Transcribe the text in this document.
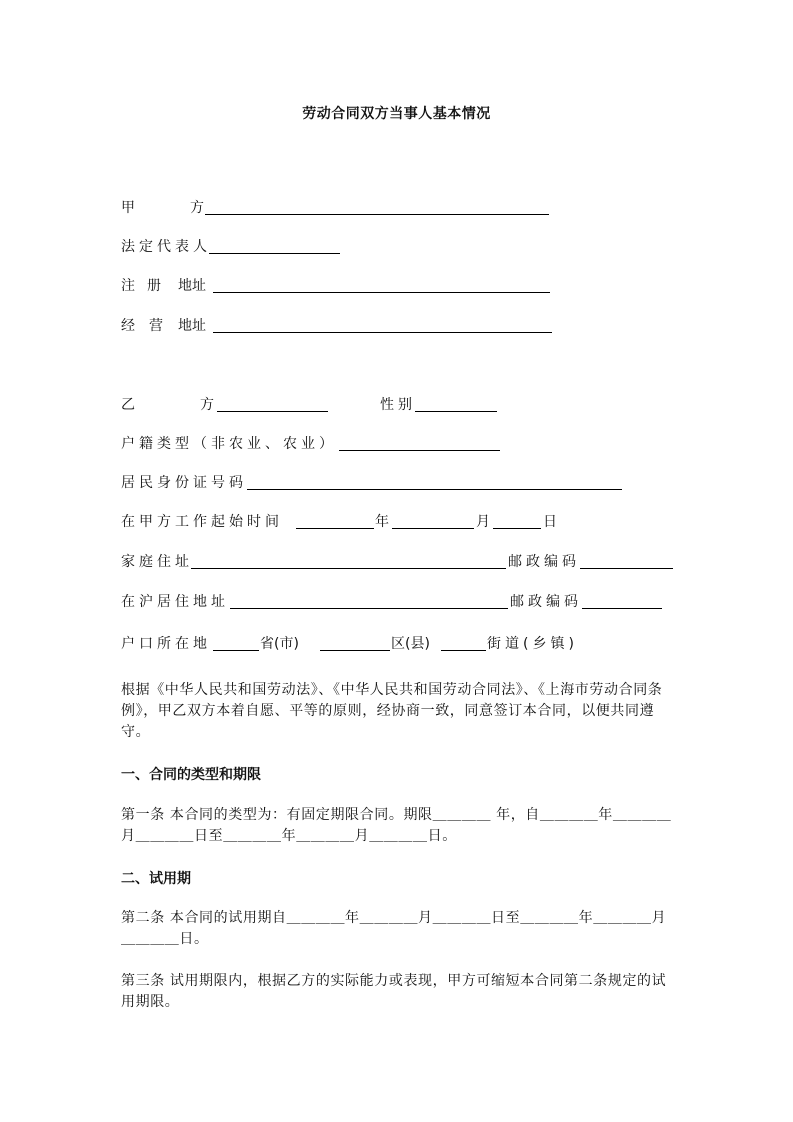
劳动合同双方当事人基本情况
甲	方
法定代表人
注 册 地址
经 营 地址
乙	方	性别
户籍类型（非农业、农业）
居民身份证号码
在甲方工作起始时间	年	月	日
家庭住址	邮政编码
在沪居住地址	邮政编码
户口所在地	省(市)	区(县)	街道(乡镇)
根据《中华人民共和国劳动法》、《中华人民共和国劳动合同法》、《上海市劳动合同条例》，甲乙双方本着自愿、平等的原则，经协商一致，同意签订本合同，以便共同遵守。
一、合同的类型和期限
第一条 本合同的类型为：有固定期限合同。期限＿＿＿＿ 年，自＿＿＿＿年＿＿＿＿月＿＿＿＿日至＿＿＿＿年＿＿＿＿月＿＿＿＿日。
二、试用期
第二条 本合同的试用期自＿＿＿＿年＿＿＿＿月＿＿＿＿日至＿＿＿＿年＿＿＿＿月＿＿＿＿日。
第三条 试用期限内，根据乙方的实际能力或表现，甲方可缩短本合同第二条规定的试用期限。
